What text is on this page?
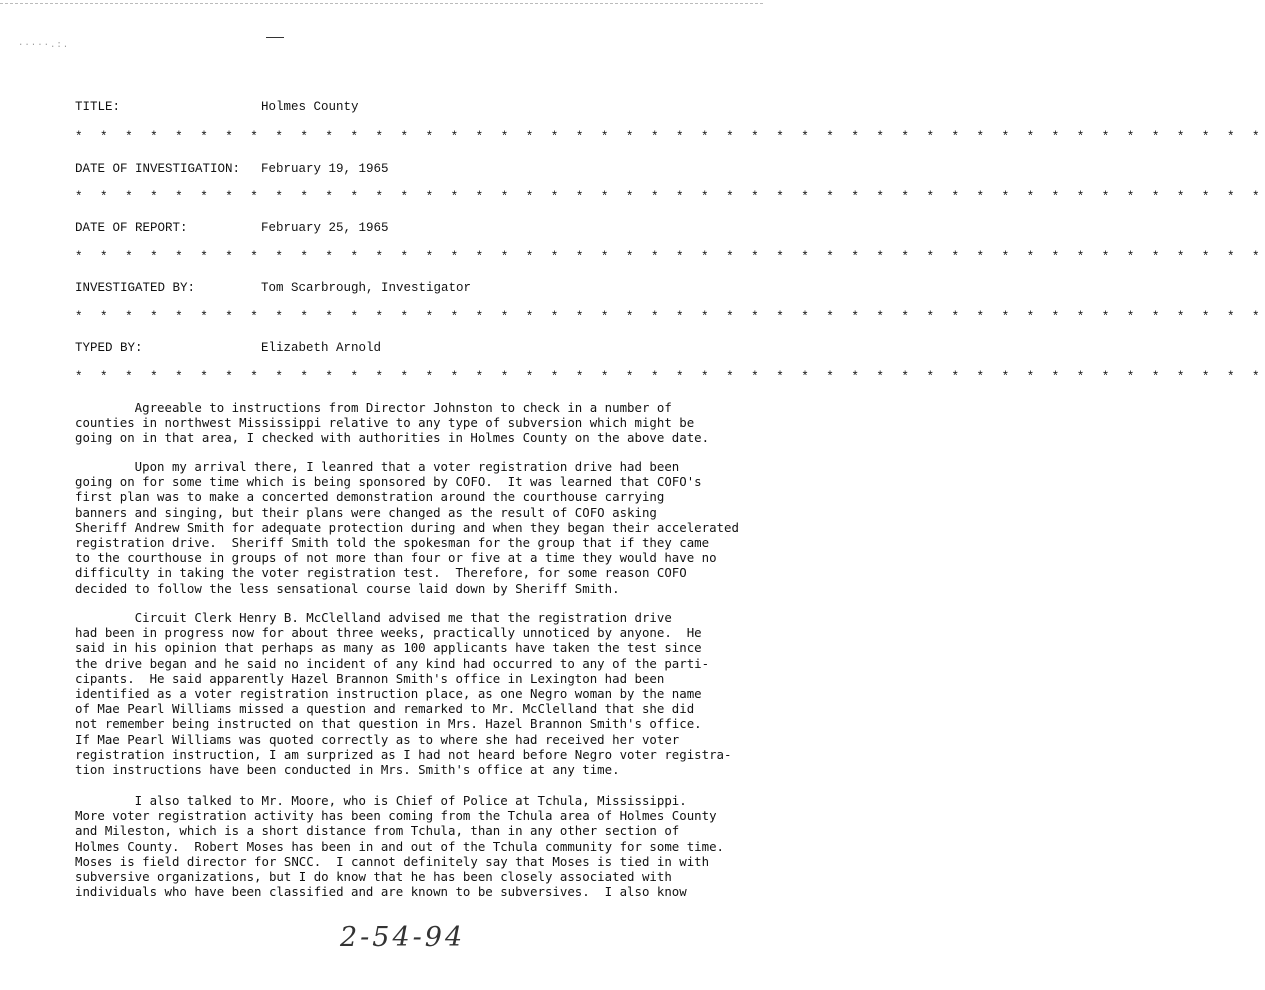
·····.:.
TITLE:	Holmes County
* * * * * * * * * * * * * * * * * * * * * * * * * * * * * * * * * * * * * * * * * * * * * * * *
DATE OF INVESTIGATION: February 19, 1965
* * * * * * * * * * * * * * * * * * * * * * * * * * * * * * * * * * * * * * * * * * * * * * * *
DATE OF REPORT:	February 25, 1965
* * * * * * * * * * * * * * * * * * * * * * * * * * * * * * * * * * * * * * * * * * * * * * * *
INVESTIGATED BY:	Tom Scarbrough, Investigator
* * * * * * * * * * * * * * * * * * * * * * * * * * * * * * * * * * * * * * * * * * * * * * * *
TYPED BY:	Elizabeth Arnold
* * * * * * * * * * * * * * * * * * * * * * * * * * * * * * * * * * * * * * * * * * * * * * * *
Agreeable to instructions from Director Johnston to check in a number of
counties in northwest Mississippi relative to any type of subversion which might be
going on in that area, I checked with authorities in Holmes County on the above date.
Upon my arrival there, I leanred that a voter registration drive had been
going on for some time which is being sponsored by COFO.  It was learned that COFO's
first plan was to make a concerted demonstration around the courthouse carrying
banners and singing, but their plans were changed as the result of COFO asking
Sheriff Andrew Smith for adequate protection during and when they began their accelerated
registration drive.  Sheriff Smith told the spokesman for the group that if they came
to the courthouse in groups of not more than four or five at a time they would have no
difficulty in taking the voter registration test.  Therefore, for some reason COFO
decided to follow the less sensational course laid down by Sheriff Smith.
Circuit Clerk Henry B. McClelland advised me that the registration drive
had been in progress now for about three weeks, practically unnoticed by anyone.  He
said in his opinion that perhaps as many as 100 applicants have taken the test since
the drive began and he said no incident of any kind had occurred to any of the parti-
cipants.  He said apparently Hazel Brannon Smith's office in Lexington had been
identified as a voter registration instruction place, as one Negro woman by the name
of Mae Pearl Williams missed a question and remarked to Mr. McClelland that she did
not remember being instructed on that question in Mrs. Hazel Brannon Smith's office.
If Mae Pearl Williams was quoted correctly as to where she had received her voter
registration instruction, I am surprized as I had not heard before Negro voter registra-
tion instructions have been conducted in Mrs. Smith's office at any time.
I also talked to Mr. Moore, who is Chief of Police at Tchula, Mississippi.
More voter registration activity has been coming from the Tchula area of Holmes County
and Mileston, which is a short distance from Tchula, than in any other section of
Holmes County.  Robert Moses has been in and out of the Tchula community for some time.
Moses is field director for SNCC.  I cannot definitely say that Moses is tied in with
subversive organizations, but I do know that he has been closely associated with
individuals who have been classified and are known to be subversives.  I also know
2-54-94
